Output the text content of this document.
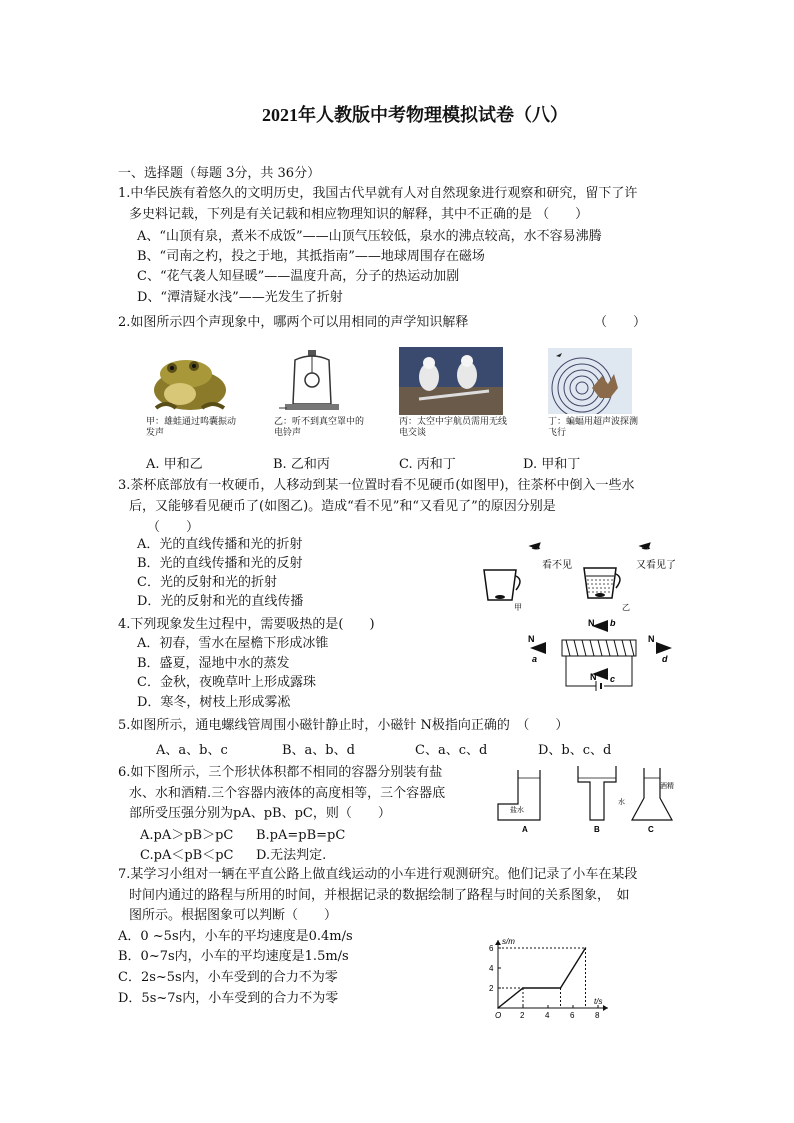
2021年人教版中考物理模拟试卷（八）
一、选择题（每题 3分，共 36分）
1.中华民族有着悠久的文明历史，我国古代早就有人对自然现象进行观察和研究，留下了许
多史料记载，下列是有关记载和相应物理知识的解释，其中不正确的是 （　　）
A、“山顶有泉，煮米不成饭”——山顶气压较低，泉水的沸点较高，水不容易沸腾
B、“司南之杓，投之于地，其抵指南”——地球周围存在磁场
C、“花气袭人知昼暖”——温度升高，分子的热运动加剧
D、“潭清疑水浅”——光发生了折射
2.如图所示四个声现象中，哪两个可以用相同的声学知识解释	（　　）
甲：雄蛙通过鸣囊振动发声
乙：听不到真空罩中的电铃声
丙：太空中宇航员需用无线电交谈
丁：蝙蝠用超声波探测飞行
A. 甲和乙	B. 乙和丙	C. 丙和丁	D. 甲和丁
3.茶杯底部放有一枚硬币，人移动到某一位置时看不见硬币(如图甲)，往茶杯中倒入一些水
后，又能够看见硬币了(如图乙)。造成“看不见”和“又看见了”的原因分别是
（　　）
A．光的直线传播和光的折射
B．光的直线传播和光的反射
C．光的反射和光的折射
D．光的反射和光的直线传播
看不见	又看见了
甲	乙
4.下列现象发生过程中，需要吸热的是(　　)
A．初春，雪水在屋檐下形成冰锥
B．盛夏，湿地中水的蒸发
C．金秋，夜晚草叶上形成露珠
D．寒冬，树枝上形成雾凇
N
a
N b
N
d
N c
5.如图所示，通电螺线管周围小磁针静止时，小磁针 N极指向正确的　（　　）
A、a、b、c	B、a、b、d	C、a、c、d	D、b、c、d
6.如下图所示，三个形状体积都不相同的容器分别装有盐
水、水和酒精.三个容器内液体的高度相等，三个容器底
部所受压强分别为pA、pB、pC，则（　　）
A.pA＞pB＞pC B.pA=pB=pC
C.pA＜pB＜pC D.无法判定.
盐水
水
酒精
A	B	C
7.某学习小组对一辆在平直公路上做直线运动的小车进行观测研究。他们记录了小车在某段
时间内通过的路程与所用的时间，并根据记录的数据绘制了路程与时间的关系图象，　如
图所示。根据图象可以判断（　　）
A．0 ~5s内，小车的平均速度是0.4m/s
B．0~7s内，小车的平均速度是1.5m/s
C．2s~5s内，小车受到的合力不为零
D．5s~7s内，小车受到的合力不为零	t/s
s/m
O 2	4	6	8
2
4
6
